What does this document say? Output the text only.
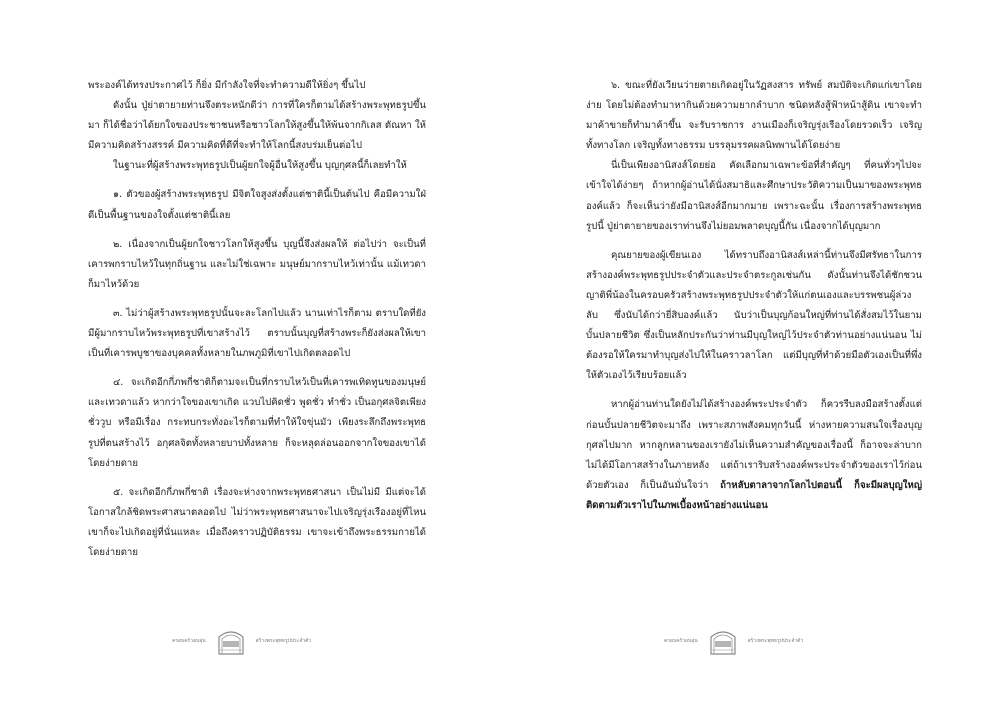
พระองค์ได้ทรงประกาศไว้ ก็ยิ่ง มีกำลังใจที่จะทำความดีให้ยิ่งๆ ขึ้นไป

ดังนั้น ปู่ย่าตายายท่านจึงตระหนักดีว่า การที่ใครก็ตามได้สร้างพระพุทธรูปขึ้นมา ก็ได้ชื่อว่าได้ยกใจของประชาชนหรือชาวโลกให้สูงขึ้นให้พ้นจากกิเลส ตัณหา ให้มีความคิดสร้างสรรค์ มีความคิดที่ดีที่จะทำให้โลกนี้สงบร่มเย็นต่อไป

ในฐานะที่ผู้สร้างพระพุทธรูปเป็นผู้ยกใจผู้อื่นให้สูงขึ้น บุญกุศลนี้ก็เลยทำให้

๑. ตัวของผู้สร้างพระพุทธรูป มีจิตใจสูงส่งตั้งแต่ชาตินี้เป็นต้นไป คือมีความใฝ่ดีเป็นพื้นฐานของใจตั้งแต่ชาตินี้เลย

๒. เนื่องจากเป็นผู้ยกใจชาวโลกให้สูงขึ้น บุญนี้จึงส่งผลให้ ต่อไปว่า จะเป็นที่เคารพกราบไหว้ในทุกถิ่นฐาน และไม่ใช่เฉพาะ มนุษย์มากราบไหว้เท่านั้น แม้เทวดาก็มาไหว้ด้วย

๓. ไม่ว่าผู้สร้างพระพุทธรูปนั้นจะละโลกไปแล้ว นานเท่าไรก็ตาม ตราบใดที่ยังมีผู้มากราบไหว้พระพุทธรูปที่เขาสร้างไว้ ตราบนั้นบุญที่สร้างพระก็ยังส่งผลให้เขาเป็นที่เคารพบูชาของบุคคลทั้งหลายในภพภูมิที่เขาไปเกิดตลอดไป

๔. จะเกิดอีกกี่ภพกี่ชาติก็ตามจะเป็นที่กราบไหว้เป็นที่เคารพเทิดทูนของมนุษย์และเทวดาแล้ว หากว่าใจของเขาเกิด แวบไปคิดชั่ว พูดชั่ว ทำชั่ว เป็นอกุศลจิตเพียงชั่ววูบ หรือมีเรื่อง กระทบกระทั่งอะไรก็ตามที่ทำให้ใจขุ่นมัว เพียงระลึกถึงพระพุทธรูปที่ตนสร้างไว้ อกุศลจิตทั้งหลายบาปทั้งหลาย ก็จะหลุดล่อนออกจากใจของเขาได้โดยง่ายดาย

๕. จะเกิดอีกกี่ภพกี่ชาติ เรื่องจะห่างจากพระพุทธศาสนา เป็นไม่มี มีแต่จะได้โอกาสใกล้ชิดพระศาสนาตลอดไป ไม่ว่าพระพุทธศาสนาจะไปเจริญรุ่งเรืองอยู่ที่ไหน เขาก็จะไปเกิดอยู่ที่นั่นแหละ เมื่อถึงคราวปฏิบัติธรรม เขาจะเข้าถึงพระธรรมกายได้โดยง่ายดาย

ครอบครัวอบอุ่น	สร้างพระพุทธรูปประจำตัว

๖. ขณะที่ยังเวียนว่ายตายเกิดอยู่ในวัฏสงสาร ทรัพย์ สมบัติจะเกิดแก่เขาโดยง่าย โดยไม่ต้องทำมาหากินด้วยความยากลำบาก ชนิดหลังสู้ฟ้าหน้าสู้ดิน เขาจะทำมาค้าขายก็ทำมาค้าขึ้น จะรับราชการ งานเมืองก็เจริญรุ่งเรืองโดยรวดเร็ว เจริญ ทั้งทางโลก เจริญทั้งทางธรรม บรรลุมรรคผลนิพพานได้โดยง่าย

นี่เป็นเพียงอานิสงส์โดยย่อ คัดเลือกมาเฉพาะข้อที่สำคัญๆ ที่คนทั่วๆไปจะเข้าใจได้ง่ายๆ ถ้าหากผู้อ่านได้นั่งสมาธิและศึกษาประวัติความเป็นมาของพระพุทธองค์แล้ว ก็จะเห็นว่ายังมีอานิสงส์อีกมากมาย เพราะฉะนั้น เรื่องการสร้างพระพุทธรูปนี้ ปู่ย่าตายายของเราท่านจึงไม่ยอมพลาดบุญนี้กัน เนื่องจากได้บุญมาก

คุณยายของผู้เขียนเอง ได้ทราบถึงอานิสงส์เหล่านี้ท่านจึงมีศรัทธาในการสร้างองค์พระพุทธรูปประจำตัวและประจำตระกูลเช่นกัน ดังนั้นท่านจึงได้ชักชวนญาติพี่น้องในครอบครัวสร้างพระพุทธรูปประจำตัวให้แก่ตนเองและบรรพชนผู้ล่วงลับ ซึ่งนับได้กว่ายี่สิบองค์แล้ว นับว่าเป็นบุญก้อนใหญ่ที่ท่านได้สั่งสมไว้ในยามบั้นปลายชีวิต ซึ่งเป็นหลักประกันว่าท่านมีบุญใหญ่ไว้ประจำตัวท่านอย่างแน่นอน ไม่ต้องรอให้ใครมาทำบุญส่งไปให้ในคราวลาโลก แต่มีบุญที่ทำด้วยมือตัวเองเป็นที่พึ่งให้ตัวเองไว้เรียบร้อยแล้ว

หากผู้อ่านท่านใดยังไม่ได้สร้างองค์พระประจำตัว ก็ควรรีบลงมือสร้างตั้งแต่ก่อนบั้นปลายชีวิตจะมาถึง เพราะสภาพสังคมทุกวันนี้ ห่างหายความสนใจเรื่องบุญกุศลไปมาก หากลูกหลานของเรายังไม่เห็นความสำคัญของเรื่องนี้ ก็อาจจะล่าบาก ไม่ได้มีโอกาสสร้างในภายหลัง แต่ถ้าเราริบสร้างองค์พระประจำตัวของเราไว้ก่อนด้วยตัวเอง ก็เป็นอันมั่นใจว่า ถ้าหลับตาลาจากโลกไปตอนนี้ ก็จะมีผลบุญใหญ่ติดตามตัวเราไปในภพเบื้องหน้าอย่างแน่นอน

ครอบครัวอบอุ่น	สร้างพระพุทธรูปประจำตัว
